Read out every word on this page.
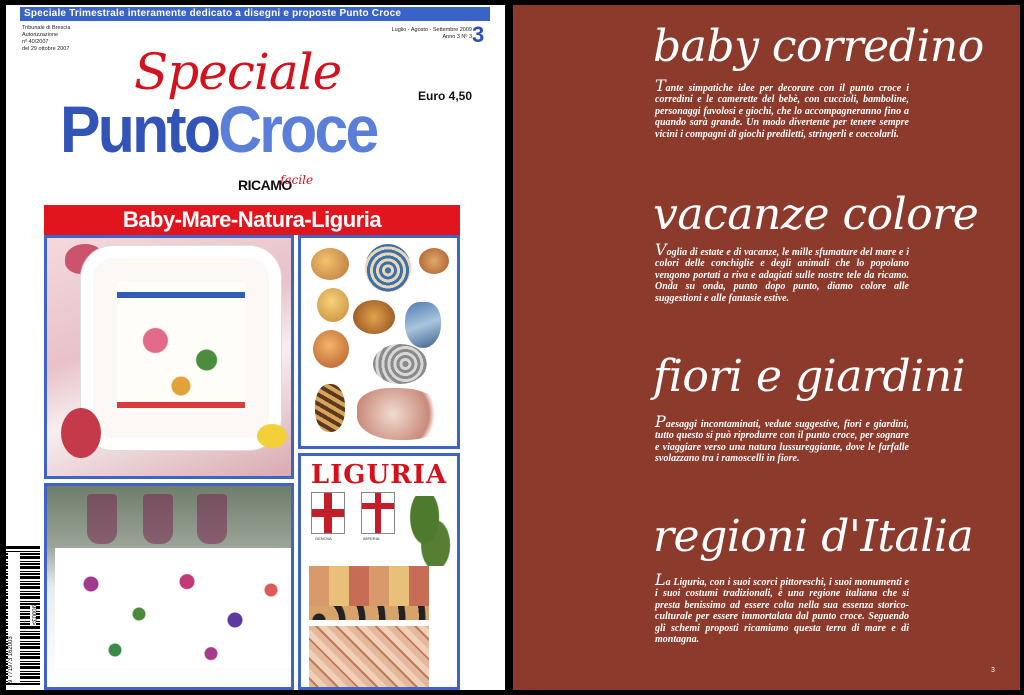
Speciale Trimestrale interamente dedicato a disegni e proposte Punto Croce
3
Tribunale di Brescia
Autorizzazione
nº 40/2007
del 29 ottobre 2007
Luglio - Agosto - Settembre 2009
Anno 3 Nº 3
Speciale	Euro 4,50
PuntoCroce
RICAMO
facile
Baby-Mare-Natura-Liguria
LIGURIA
GENOVA	IMPERIA
9 771973 162003
90003>
baby corredino
Tante simpatiche idee per decorare con il punto croce i corredini e le camerette del bebè, con cuccioli, bamboline, personaggi favolosi e giochi, che lo accompagneranno fino a quando sarà grande. Un modo divertente per tenere sempre vicini i compagni di giochi prediletti, stringerli e coccolarli.
vacanze colore
Voglia di estate e di vacanze, le mille sfumature del mare e i colori delle conchiglie e degli animali che lo popolano vengono portati a riva e adagiati sulle nostre tele da ricamo. Onda su onda, punto dopo punto, diamo colore alle suggestioni e alle fantasie estive.
fiori e giardini
Paesaggi incontaminati, vedute suggestive, fiori e giardini, tutto questo si può riprodurre con il punto croce, per sognare e viaggiare verso una natura lussureggiante, dove le farfalle svolazzano tra i ramoscelli in fiore.
regioni d'Italia
La Liguria, con i suoi scorci pittoreschi, i suoi monumenti e i suoi costumi tradizionali, è una regione italiana che si presta benissimo ad essere colta nella sua essenza storico-culturale per essere immortalata dal punto croce. Seguendo gli schemi proposti ricamiamo questa terra di mare e di montagna.
3
